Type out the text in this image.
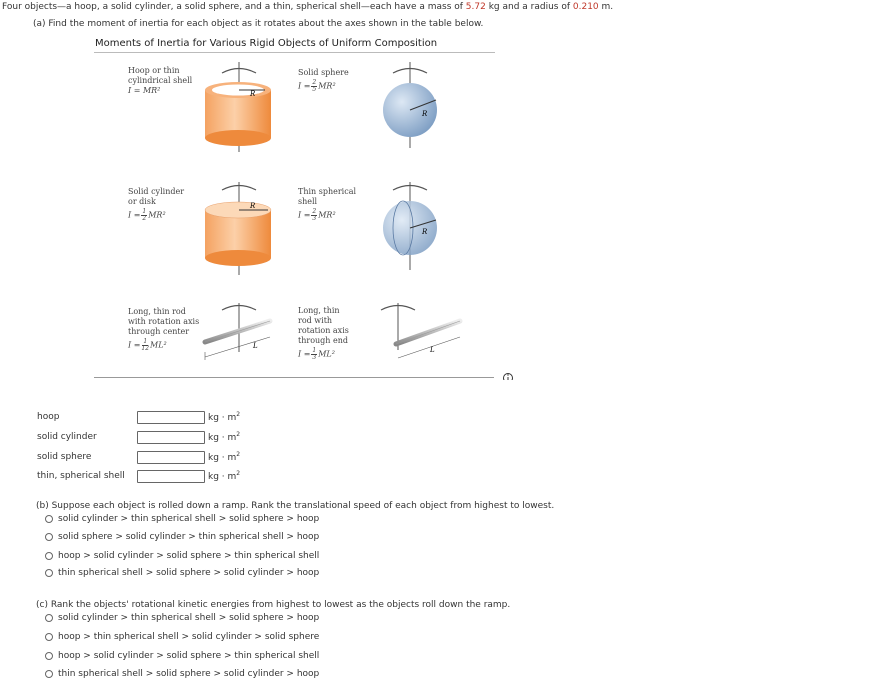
Four objects—a hoop, a solid cylinder, a solid sphere, and a thin, spherical shell—each have a mass of 5.72 kg and a radius of 0.210 m.
(a) Find the moment of inertia for each object as it rotates about the axes shown in the table below.
Moments of Inertia for Various Rigid Objects of Uniform Composition
Hoop or thin
cylindrical shell
I = MR²
Solid cylinder
or disk
$I = \frac{1}{2} MR^2$
Long, thin rod
with rotation axis
through center
$I = \frac{1}{12} ML^2$
Solid sphere
$I = \frac{2}{5} MR^2$
Thin spherical
shell
$I = \frac{2}{3} MR^2$
Long, thin
rod with
rotation axis
through end
$I = \frac{1}{3} ML^2$
R
R
L
R
R
L
hoop	kg · $m^2$
solid cylinder	kg · $m^2$
solid sphere	kg · $m^2$
thin, spherical shell	kg · $m^2$
(b) Suppose each object is rolled down a ramp. Rank the translational speed of each object from highest to lowest.
solid cylinder > thin spherical shell > solid sphere > hoop
solid sphere > solid cylinder > thin spherical shell > hoop
hoop > solid cylinder > solid sphere > thin spherical shell
thin spherical shell > solid sphere > solid cylinder > hoop
(c) Rank the objects' rotational kinetic energies from highest to lowest as the objects roll down the ramp.
solid cylinder > thin spherical shell > solid sphere > hoop
hoop > thin spherical shell > solid cylinder > solid sphere
hoop > solid cylinder > solid sphere > thin spherical shell
thin spherical shell > solid sphere > solid cylinder > hoop
